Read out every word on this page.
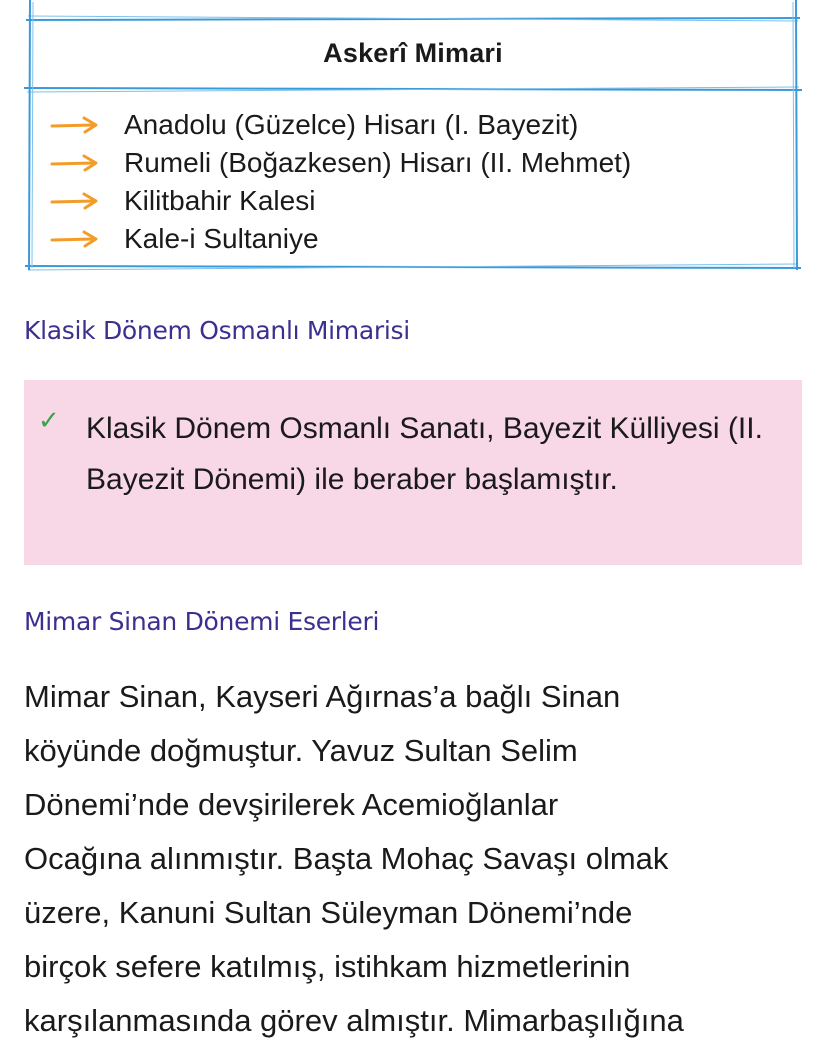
Askerî Mimari
Anadolu (Güzelce) Hisarı (I. Bayezit)
Rumeli (Boğazkesen) Hisarı (II. Mehmet)
Kilitbahir Kalesi
Kale-i Sultaniye
Klasik Dönem Osmanlı Mimarisi
✓ Klasik Dönem Osmanlı Sanatı, Bayezit Külliyesi (II. Bayezit Dönemi) ile beraber başlamıştır.
Mimar Sinan Dönemi Eserleri

Mimar Sinan, Kayseri Ağırnas’a bağlı Sinan
köyünde doğmuştur. Yavuz Sultan Selim
Dönemi’nde devşirilerek Acemioğlanlar
Ocağına alınmıştır. Başta Mohaç Savaşı olmak
üzere, Kanuni Sultan Süleyman Dönemi’nde
birçok sefere katılmış, istihkam hizmetlerinin
karşılanmasında görev almıştır. Mimarbaşılığına
